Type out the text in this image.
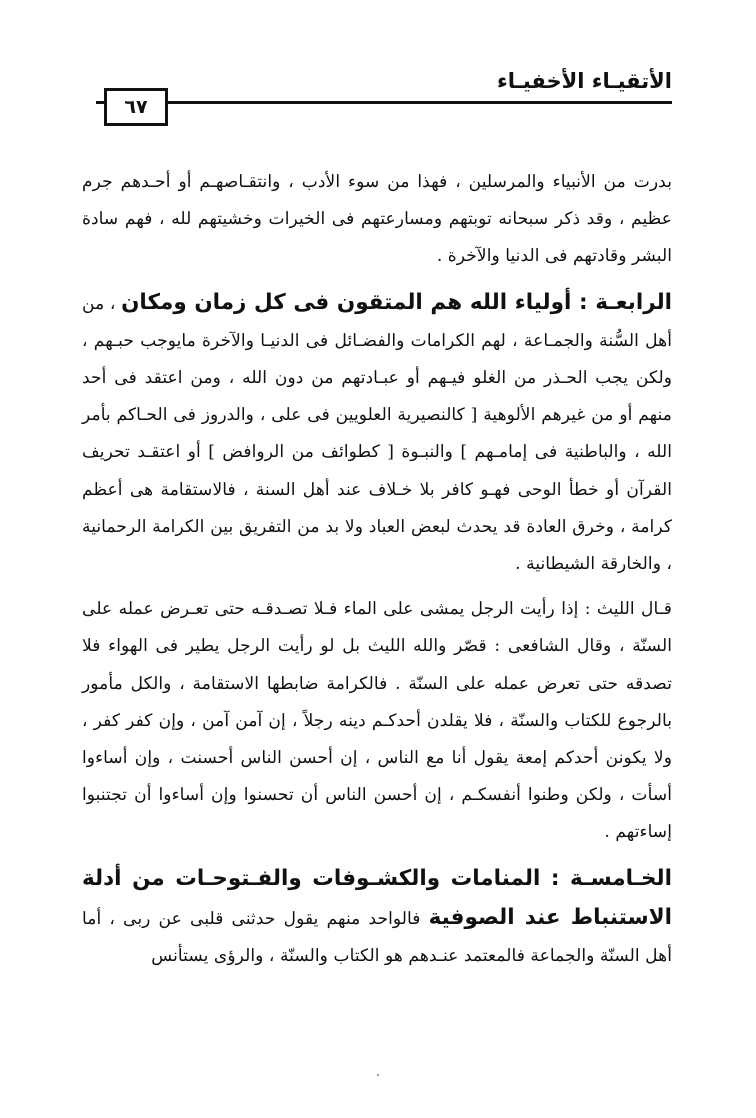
الأتقيـاء الأخفيـاء
٦٧

بدرت من الأنبياء والمرسلين ، فهذا من سوء الأدب ، وانتقـاصهـم أو أحـدهم جرم عظيم ، وقد ذكر سبحانه توبتهم ومسارعتهم فى الخيرات وخشيتهم لله ، فهم سادة البشر وقادتهم فى الدنيا والآخرة .

الرابعـة : أولياء الله هم المتقون فى كل زمان ومكان ، من أهل السُّنة والجمـاعة ، لهم الكرامات والفضـائل فى الدنيـا والآخرة مايوجب حبـهم ، ولكن يجب الحـذر من الغلو فيـهم أو عبـادتهم من دون الله ، ومن اعتقد فى أحد منهم أو من غيرهم الألوهية [ كالنصيرية العلويين فى على ، والدروز فى الحـاكم بأمر الله ، والباطنية فى إمامـهم ] والنبـوة [ كطوائف من الروافض ] أو اعتقـد تحريف القرآن أو خطأ الوحى فهـو كافر بلا خـلاف عند أهل السنة ، فالاستقامة هى أعظم كرامة ، وخرق العادة قد يحدث لبعض العباد ولا بد من التفريق بين الكرامة الرحمانية ، والخارقة الشيطانية .

قـال الليث : إذا رأيت الرجل يمشى على الماء فـلا تصـدقـه حتى تعـرض عمله على السنّة ، وقال الشافعى : قصّر والله الليث بل لو رأيت الرجل يطير فى الهواء فلا تصدقه حتى تعرض عمله على السنّة . فالكرامة ضابطها الاستقامة ، والكل مأمور بالرجوع للكتاب والسنّة ، فلا يقلدن أحدكـم دينه رجلاً ، إن آمن آمن ، وإن كفر كفر ، ولا يكونن أحدكم إمعة يقول أنا مع الناس ، إن أحسن الناس أحسنت ، وإن أساءوا أسأت ، ولكن وطنوا أنفسكـم ، إن أحسن الناس أن تحسنوا وإن أساءوا أن تجتنبوا إساءتهم .

الخـامسـة : المنامات والكشـوفات والفـتوحـات من أدلة الاستنباط عند الصوفية فالواحد منهم يقول حدثنى قلبى عن ربى ، أما أهل السنّة والجماعة فالمعتمد عنـدهم هو الكتاب والسنّة ، والرؤى يستأنس
